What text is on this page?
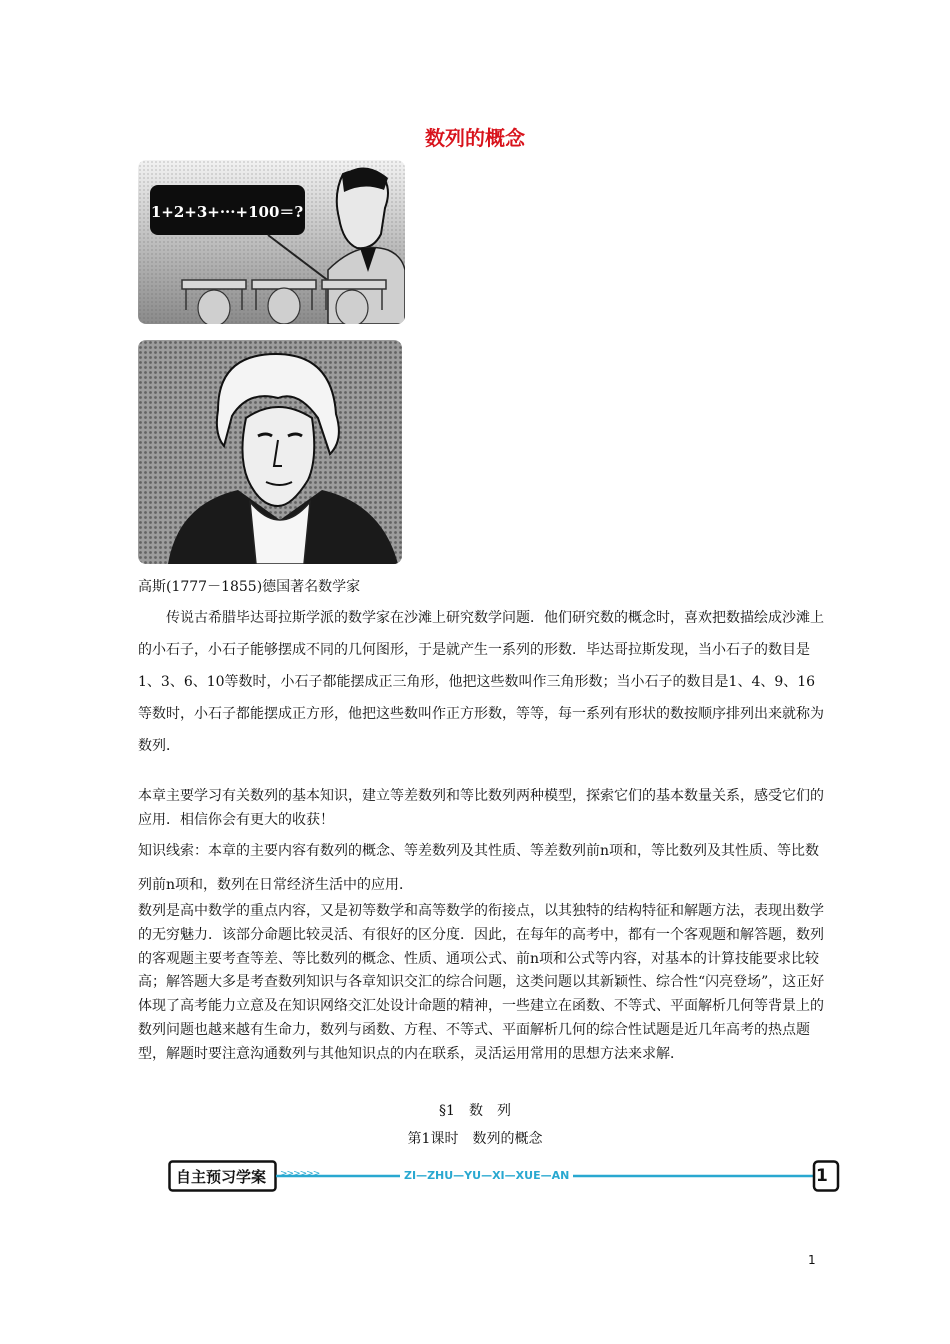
数列的概念
1+2+3+···+100＝?
高斯(1777－1855)德国著名数学家
传说古希腊毕达哥拉斯学派的数学家在沙滩上研究数学问题．他们研究数的概念时，喜欢把数描绘成沙滩上的小石子，小石子能够摆成不同的几何图形，于是就产生一系列的形数．毕达哥拉斯发现，当小石子的数目是1、3、6、10等数时，小石子都能摆成正三角形，他把这些数叫作三角形数；当小石子的数目是1、4、9、16等数时，小石子都能摆成正方形，他把这些数叫作正方形数，等等，每一系列有形状的数按顺序排列出来就称为数列．
本章主要学习有关数列的基本知识，建立等差数列和等比数列两种模型，探索它们的基本数量关系，感受它们的应用．相信你会有更大的收获！
知识线索：本章的主要内容有数列的概念、等差数列及其性质、等差数列前n项和，等比数列及其性质、等比数列前n项和，数列在日常经济生活中的应用．
数列是高中数学的重点内容，又是初等数学和高等数学的衔接点，以其独特的结构特征和解题方法，表现出数学的无穷魅力．该部分命题比较灵活、有很好的区分度．因此，在每年的高考中，都有一个客观题和解答题，数列的客观题主要考查等差、等比数列的概念、性质、通项公式、前n项和公式等内容，对基本的计算技能要求比较高；解答题大多是考查数列知识与各章知识交汇的综合问题，这类问题以其新颖性、综合性“闪亮登场”，这正好体现了高考能力立意及在知识网络交汇处设计命题的精神，一些建立在函数、不等式、平面解析几何等背景上的数列问题也越来越有生命力，数列与函数、方程、不等式、平面解析几何的综合性试题是近几年高考的热点题型，解题时要注意沟通数列与其他知识点的内在联系，灵活运用常用的思想方法来求解．
§1　数　列
第1课时　数列的概念
自主预习学案 >>>>>>	ZI—ZHU—YU—XI—XUE—AN	1
1
